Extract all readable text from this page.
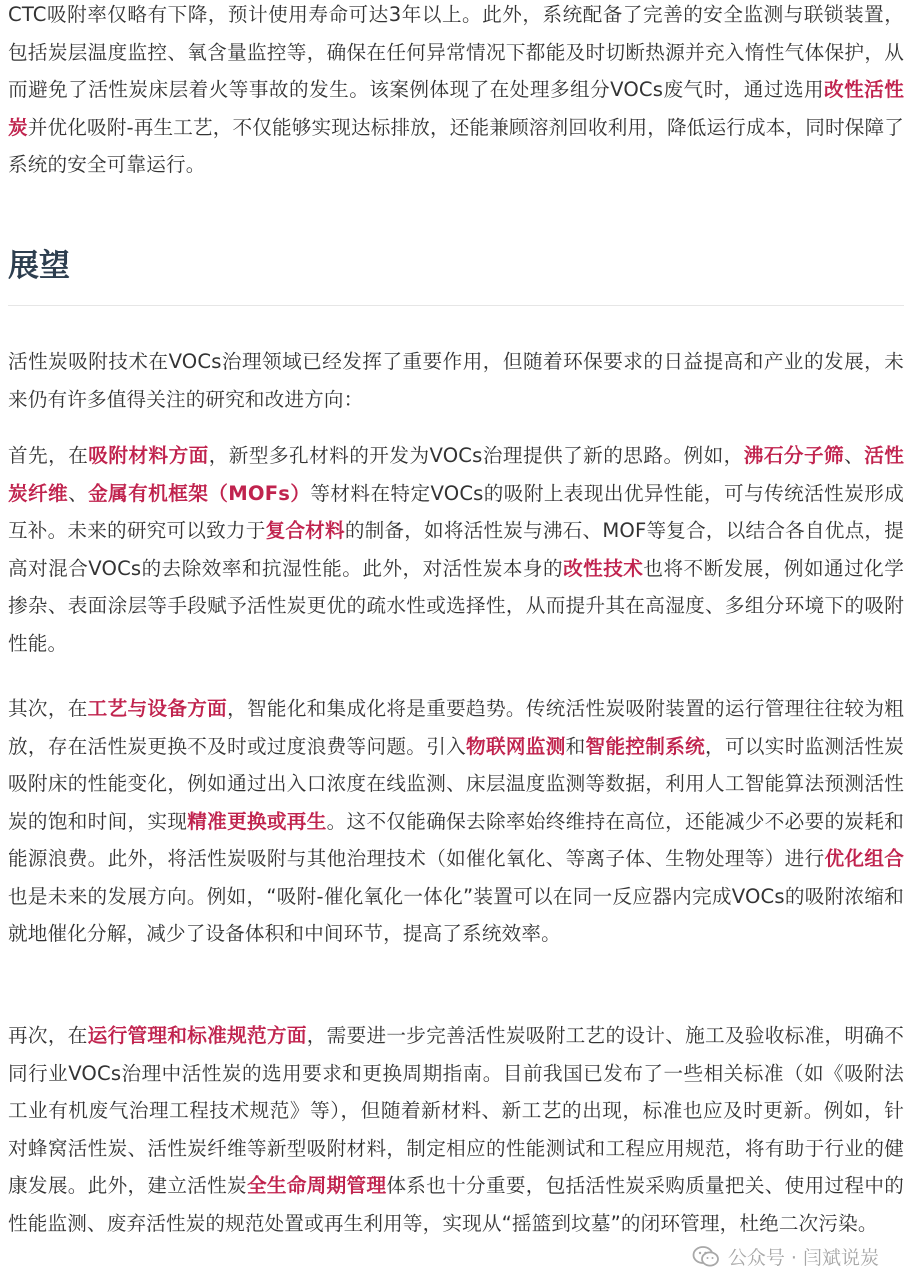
CTC吸附率仅略有下降，预计使用寿命可达3年以上。此外，系统配备了完善的安全监测与联锁装置，包括炭层温度监控、氧含量监控等，确保在任何异常情况下都能及时切断热源并充入惰性气体保护，从而避免了活性炭床层着火等事故的发生。该案例体现了在处理多组分VOCs废气时，通过选用改性活性炭并优化吸附-再生工艺，不仅能够实现达标排放，还能兼顾溶剂回收利用，降低运行成本，同时保障了系统的安全可靠运行。

展望

活性炭吸附技术在VOCs治理领域已经发挥了重要作用，但随着环保要求的日益提高和产业的发展，未来仍有许多值得关注的研究和改进方向：

首先，在吸附材料方面，新型多孔材料的开发为VOCs治理提供了新的思路。例如，沸石分子筛、活性炭纤维、金属有机框架（MOFs）等材料在特定VOCs的吸附上表现出优异性能，可与传统活性炭形成互补。未来的研究可以致力于复合材料的制备，如将活性炭与沸石、MOF等复合，以结合各自优点，提高对混合VOCs的去除效率和抗湿性能。此外，对活性炭本身的改性技术也将不断发展，例如通过化学掺杂、表面涂层等手段赋予活性炭更优的疏水性或选择性，从而提升其在高湿度、多组分环境下的吸附性能。

其次，在工艺与设备方面，智能化和集成化将是重要趋势。传统活性炭吸附装置的运行管理往往较为粗放，存在活性炭更换不及时或过度浪费等问题。引入物联网监测和智能控制系统，可以实时监测活性炭吸附床的性能变化，例如通过出入口浓度在线监测、床层温度监测等数据，利用人工智能算法预测活性炭的饱和时间，实现精准更换或再生。这不仅能确保去除率始终维持在高位，还能减少不必要的炭耗和能源浪费。此外，将活性炭吸附与其他治理技术（如催化氧化、等离子体、生物处理等）进行优化组合也是未来的发展方向。例如，“吸附-催化氧化一体化”装置可以在同一反应器内完成VOCs的吸附浓缩和就地催化分解，减少了设备体积和中间环节，提高了系统效率。

再次，在运行管理和标准规范方面，需要进一步完善活性炭吸附工艺的设计、施工及验收标准，明确不同行业VOCs治理中活性炭的选用要求和更换周期指南。目前我国已发布了一些相关标准（如《吸附法工业有机废气治理工程技术规范》等），但随着新材料、新工艺的出现，标准也应及时更新。例如，针对蜂窝活性炭、活性炭纤维等新型吸附材料，制定相应的性能测试和工程应用规范，将有助于行业的健康发展。此外，建立活性炭全生命周期管理体系也十分重要，包括活性炭采购质量把关、使用过程中的性能监测、废弃活性炭的规范处置或再生利用等，实现从“摇篮到坟墓”的闭环管理，杜绝二次污染。

公众号 · 闫斌说炭
